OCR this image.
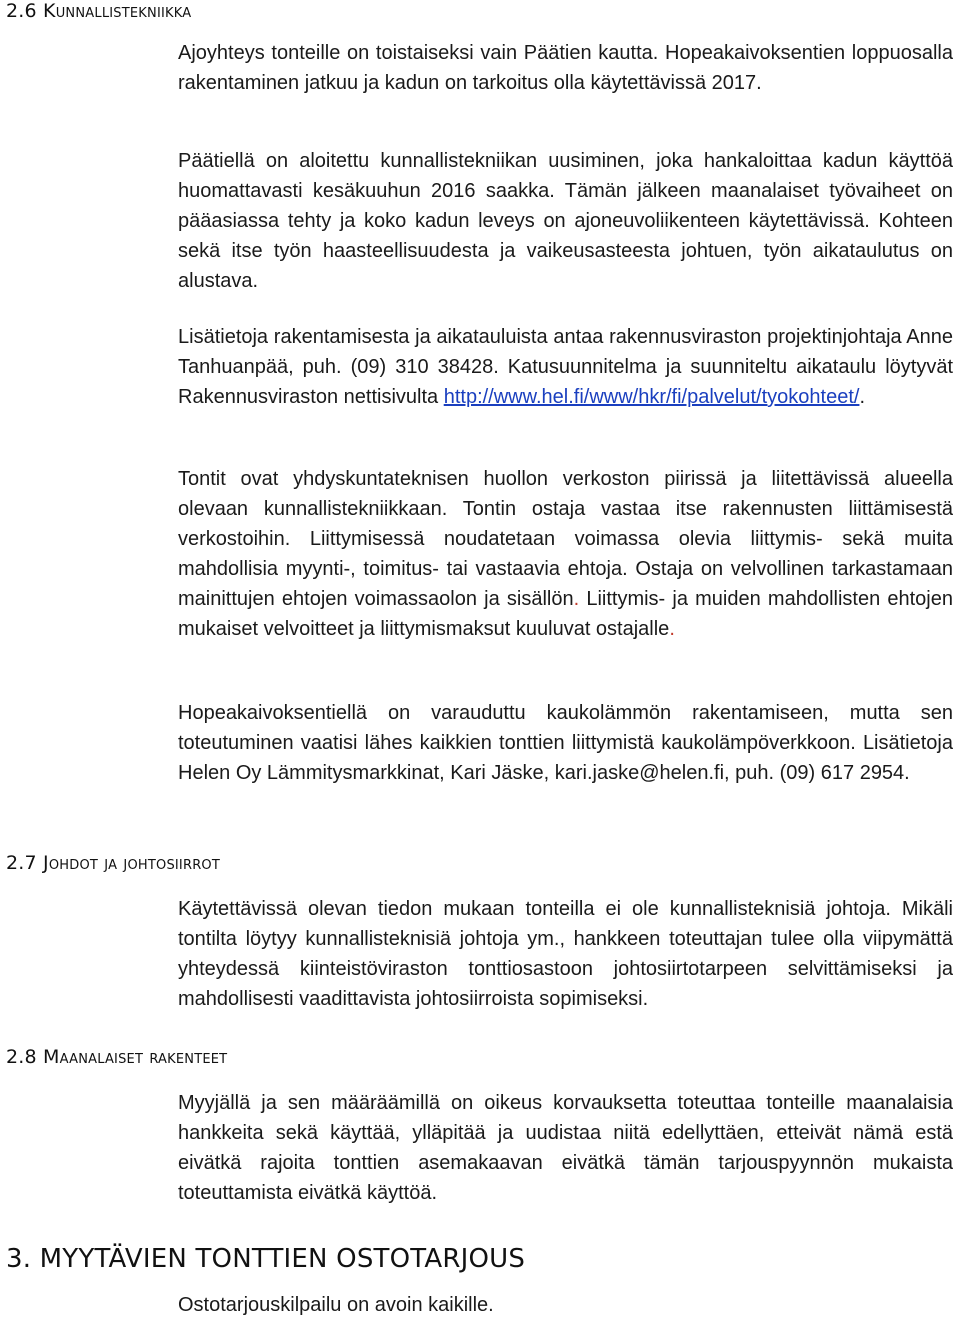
2.6 Kunnallistekniikka

Ajoyhteys tonteille on toistaiseksi vain Päätien kautta. Hopeakaivoksentien loppuosalla rakentaminen jatkuu ja kadun on tarkoitus olla käytettävissä 2017.

Päätiellä on aloitettu kunnallistekniikan uusiminen, joka hankaloittaa kadun käyttöä huomattavasti kesäkuuhun 2016 saakka. Tämän jälkeen maanalaiset työvaiheet on pääasiassa tehty ja koko kadun leveys on ajoneuvoliikenteen käytettävissä. Kohteen sekä itse työn haasteellisuudesta ja vaikeusasteesta johtuen, työn aikataulutus on alustava.

Lisätietoja rakentamisesta ja aikatauluista antaa rakennusviraston projektinjohtaja Anne Tanhuanpää, puh. (09) 310 38428. Katusuunnitelma ja suunniteltu aikataulu löytyvät Rakennusviraston nettisivulta http://www.hel.fi/www/hkr/fi/palvelut/tyokohteet/.

Tontit ovat yhdyskuntateknisen huollon verkoston piirissä ja liitettävissä alueella olevaan kunnallistekniikkaan. Tontin ostaja vastaa itse rakennusten liittämisestä verkostoihin. Liittymisessä noudatetaan voimassa olevia liittymis- sekä muita mahdollisia myynti-, toimitus- tai vastaavia ehtoja. Ostaja on velvollinen tarkastamaan mainittujen ehtojen voimassaolon ja sisällön. Liittymis- ja muiden mahdollisten ehtojen mukaiset velvoitteet ja liittymismaksut kuuluvat ostajalle.

Hopeakaivoksentiellä on varauduttu kaukolämmön rakentamiseen, mutta sen toteutuminen vaatisi lähes kaikkien tonttien liittymistä kaukolämpöverkkoon. Lisätietoja Helen Oy Lämmitysmarkkinat, Kari Jäske, kari.jaske@helen.fi, puh. (09) 617 2954.

2.7 Johdot ja johtosiirrot

Käytettävissä olevan tiedon mukaan tonteilla ei ole kunnallisteknisiä johtoja. Mikäli tontilta löytyy kunnallisteknisiä johtoja ym., hankkeen toteuttajan tulee olla viipymättä yhteydessä kiinteistöviraston tonttiosastoon johtosiirtotarpeen selvittämiseksi ja mahdollisesti vaadittavista johtosiirroista sopimiseksi.

2.8 Maanalaiset rakenteet

Myyjällä ja sen määräämillä on oikeus korvauksetta toteuttaa tonteille maanalaisia hankkeita sekä käyttää, ylläpitää ja uudistaa niitä edellyttäen, etteivät nämä estä eivätkä rajoita tonttien asemakaavan eivätkä tämän tarjouspyynnön mukaista toteuttamista eivätkä käyttöä.

3. MYYTÄVIEN TONTTIEN OSTOTARJOUS

Ostotarjouskilpailu on avoin kaikille.
